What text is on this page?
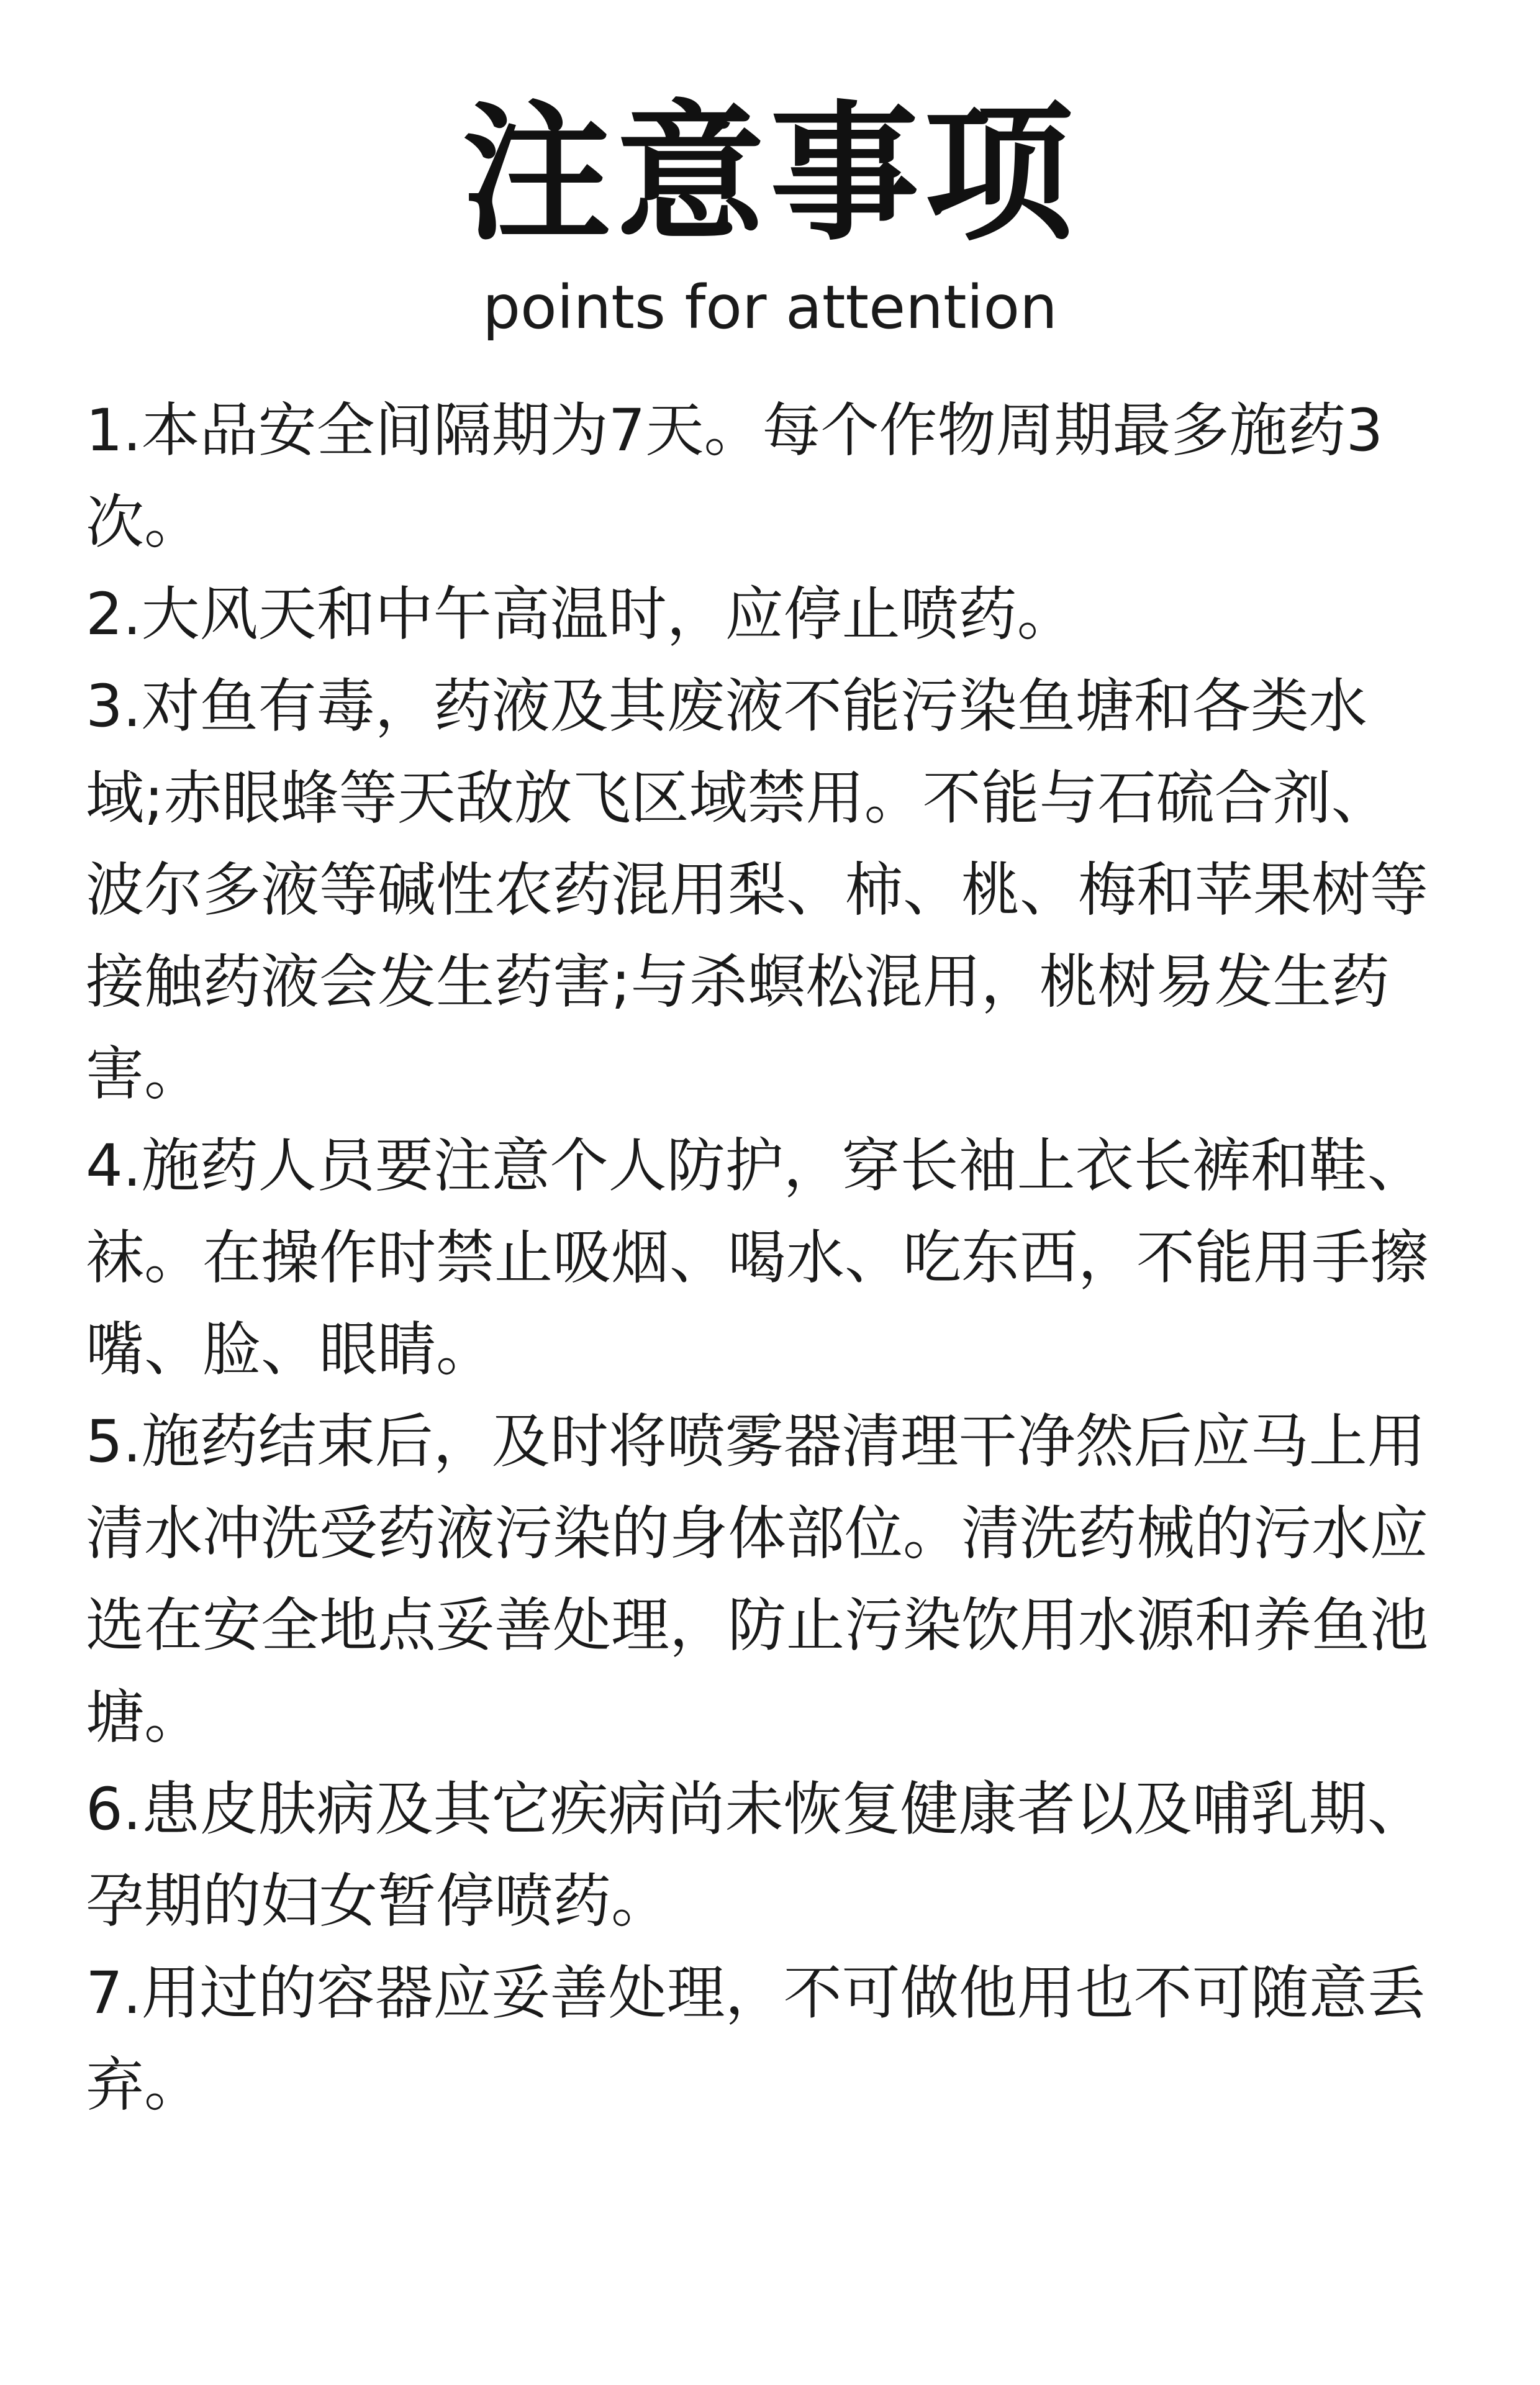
注意事项

points for attention

1.本品安全间隔期为7天。每个作物周期最多施药3次。
2.大风天和中午高温时，应停止喷药。
3.对鱼有毒，药液及其废液不能污染鱼塘和各类水域;赤眼蜂等天敌放飞区域禁用。不能与石硫合剂、波尔多液等碱性农药混用梨、柿、桃、梅和苹果树等接触药液会发生药害;与杀螟松混用，桃树易发生药害。
4.施药人员要注意个人防护，穿长袖上衣长裤和鞋、袜。在操作时禁止吸烟、喝水、吃东西，不能用手擦嘴、脸、眼睛。
5.施药结束后，及时将喷雾器清理干净然后应马上用清水冲洗受药液污染的身体部位。清洗药械的污水应选在安全地点妥善处理，防止污染饮用水源和养鱼池塘。
6.患皮肤病及其它疾病尚未恢复健康者以及哺乳期、孕期的妇女暂停喷药。
7.用过的容器应妥善处理，不可做他用也不可随意丢弃。
